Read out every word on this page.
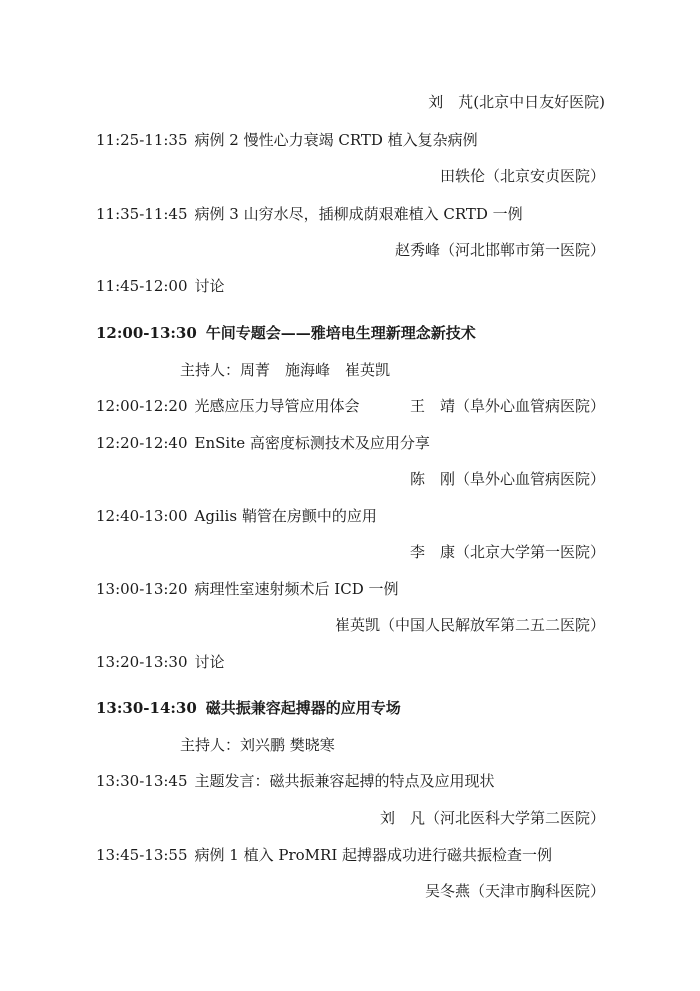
刘　芃(北京中日友好医院)
11:25-11:35 病例 2 慢性心力衰竭 CRTD 植入复杂病例
田轶伦（北京安贞医院）
11:35-11:45 病例 3 山穷水尽，插柳成荫艰难植入 CRTD 一例
赵秀峰（河北邯郸市第一医院）
11:45-12:00 讨论
12:00-13:30 午间专题会——雅培电生理新理念新技术
主持人：周菁　施海峰　崔英凯
12:00-12:20 光感应压力导管应用体会	王　靖（阜外心血管病医院）
12:20-12:40 EnSite 高密度标测技术及应用分享
陈　刚（阜外心血管病医院）
12:40-13:00 Agilis 鞘管在房颤中的应用
李　康（北京大学第一医院）
13:00-13:20 病理性室速射频术后 ICD 一例
崔英凯（中国人民解放军第二五二医院）
13:20-13:30 讨论
13:30-14:30 磁共振兼容起搏器的应用专场
主持人：刘兴鹏 樊晓寒
13:30-13:45 主题发言：磁共振兼容起搏的特点及应用现状
刘　凡（河北医科大学第二医院）
13:45-13:55 病例 1 植入 ProMRI 起搏器成功进行磁共振检查一例
吴冬燕（天津市胸科医院）
